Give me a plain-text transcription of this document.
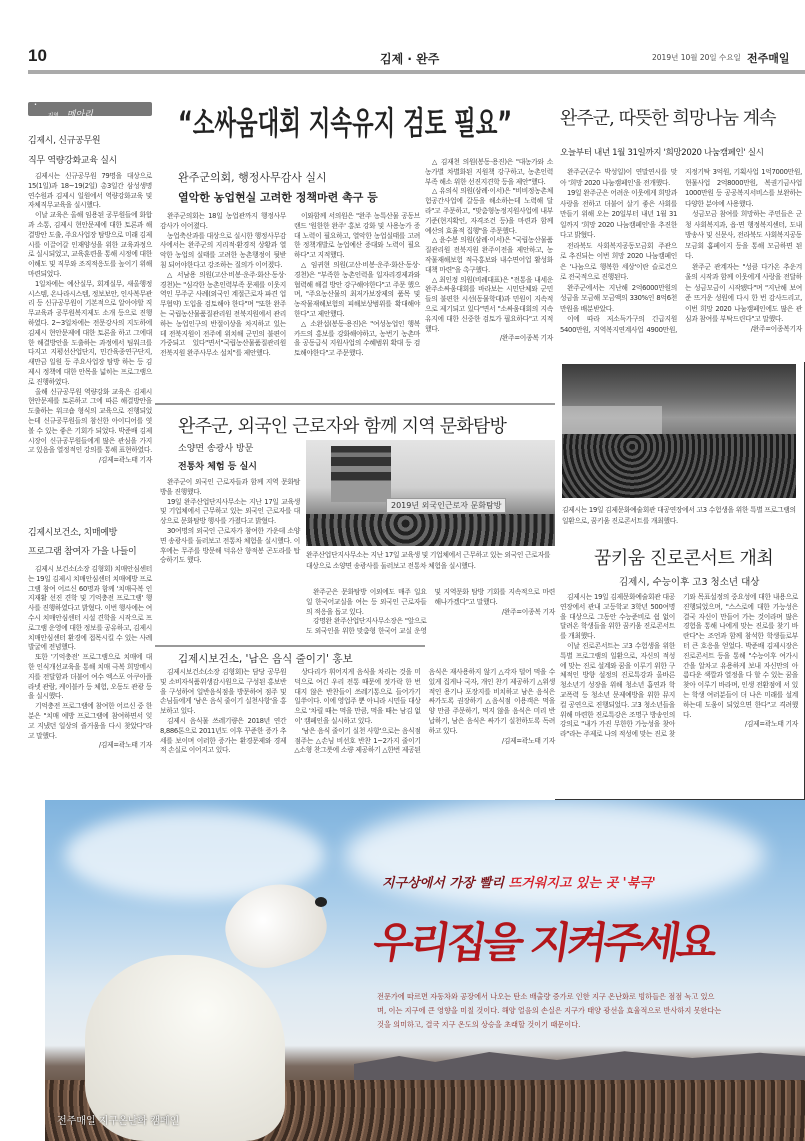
10	김제 · 완주	2019년 10월 20일 수요일 전주매일
• 지역 메아리
김제시, 신규공무원
직무 역량강화교육 실시

김제시는 신규공무원 79명을 대상으로 15(1일)과 18~19(2일) 총3일간 삼성생명 연수원과 김제시 일원에서 역량강화교육 및 자체직무교육을 실시했다.

이날 교육은 올해 임용된 공무원들에 화합과 소통, 김제시 현안문제에 대한 토론과 해결방안 도출, 주요사업장 탐방으로 미래 김제시를 이끌어갈 인재양성을 위한 교육과정으로 실시되었고, 교육훈련을 통해 시정에 대한 이해도 및 직무와 조직적응도를 높이기 위해 마련되었다.

1일차에는 예산실무, 회계실무, 새올행정시스템, 온나라시스템, 정보보안, 인사복무관리 등 신규공무원이 기본적으로 알아야할 직무교육과 공무원복지제도 소개 등으로 진행하였다. 2~3일차에는 전문강사의 지도하에 김제시 현안문제에 대한 토론을 하고 그에대한 해결방안을 도출하는 과정에서 팀워크를 다지고 지평선산업단지, 민간육종연구단지, 새만금 일원 등 주요사업장 탐방 하는 등 김제시 정책에 대한 안목을 넓히는 프로그램으로 진행하였다.

올해 신규공무원 역량강화 교육은 김제시 현안문제를 토론하고 그에 따른 해결방안을 도출하는 워크숍 형식의 교육으로 진행되었는데 신규공무원들의 참신한 아이디어를 엿볼 수 있는 좋은 기회가 되었다. 박준배 김제시장이 신규공무원들에게 많은 관심을 가지고 있음을 열정적인 강의를 통해 표현하였다.

/김제=곽노태 기자
김제시보건소, 치매예방
프로그램 참여자 가을 나들이

김제시 보건소(소장 김형회) 치매안심센터는 19일 김제시 치매안심센터 치매예방 프로그램 참여 어르신 60명과 함께 '치매극복 인지재활 선진 견학 및 기억충전 프로그램' 행사를 진행하였다고 밝혔다. 이번 행사에는 여수시 치매안심센터 시설 견학을 시작으로 프로그램 운영에 대한 정보를 공유하고, 김제시 치매안심센터 환경에 접목시킬 수 있는 사례발굴에 전념했다.

또한 '기억충전' 프로그램으로 치매에 대한 인식개선교육을 통해 치매 극복 희망메시지를 전달함과 더불어 여수 엑스포 아쿠아플라넷 관람, 케이블카 등 체험, 오동도 관광 등을 실시했다.

기억충전 프로그램에 참여한 어르신 중 한 분은 "치매 예방 프로그램에 참여하면서 잊고 지냈던 일상의 즐거움을 다시 찾았다"라고 말했다.

/김제=곽노태 기자
“소싸움대회 지속유지 검토 필요”
완주군의회, 행정사무감사 실시
열악한 농업현실 고려한 정책마련 촉구 등

완주군의회는 18일 농업관까지 행정사무감사가 이어졌다.

농업축산과를 대상으로 실시한 행정사무감사에서는 완주군의 지리적·환경적 상황과 열악한 농업의 실태를 고려한 농촌행정이 뒷받침 되어야한다고 강조하는 질의가 이어졌다.

△ 서남용 의원(고산·비봉·운주·화산·동상·경천)는 "심각한 농촌인력부족 문제를 이웃지역인 무주군 사례(외국인 계절근로자 파견 업무협약) 도입을 검토해야 한다"며 "또한 완주는 국립농산물품질관리원 전북지원에서 관리하는 농업인구의 반절이상을 차지하고 있는데 전북지원이 전주에 위치해 군민의 불편이 가중되고 있다"면서"국립농산물품질관리원 전북지원 완주사무소 설치"를 제안했다.

이와함께 서의원은 "완주 농특산물 공동브랜드 '원한한 완주' 홍보 강화 및 사용농가 증대 노력이 필요하고, 열악한 농업실태를 고려한 정책개발로 농업예산 증대와 노력이 필요하다"고 지적했다.

△ 임귀현 의원(고산·비봉·운주·화산·동상·경천)은 "부족한 농촌인력을 일자리경제과와 협력해 해결 방안 강구해야한다"고 주문 했으며, "주요농산물의 최저가보장제의 품목 및 농작물재해보험의 피해보상범위를 확대해야한다"고 제안했다.

△ 소완섭(봉동·용진)은 "여성농업인 행복카드의 홍보를 강화해야하고, 농번기 농촌마을 공동급식 지원사업의 수혜범위 확대 등 검토해야한다"고 주문했다.

△ 김재천 의원(봉동·용진)은 "대농가와 소농가별 차별화된 지원책 강구하고, 농촌인력부족 해소 위한 선진지견학 등을 제안"했다.

△ 유의식 의원(삼례·이서)은 "비비정농촌체험공간사업에 갈등을 해소하는데 노력해 달라"고 주문하고, "맞춤형농정지원사업에 내부기준(현지확인, 자격조건 등)을 마련과 함께 예산의 효율적 집행"을 주문했다.

△ 윤수봉 의원(삼례·이서)은 "국립농산물품질관리원 전북지원 완주이전을 제안하고, 농작물재해보험 적극홍보와 내수면어업 활성화 대책 마련"을 촉구했다.

△ 최인정 의원(비례대표)은 "전통을 내세운 완주소싸움대회를 바라보는 시민단체와 군민들의 불편한 시선(동물학대)과 민원이 지속적으로 제기되고 있다"면서 "소싸움대회의 지속유지에 대한 신중한 검토가 필요하다"고 지적했다.

/완주=이종복 기자
완주군, 따뜻한 희망나눔 계속
오늘부터 내년 1월 31일까지 '희망2020 나눔캠페인' 실시

완주군(군수 박성일)이 연말연시를 맞아 '희망 2020 나눔캠페인'을 전개했다.

19일 완주군은 어려운 이웃에게 희망과 사랑을 전하고 더불어 살기 좋은 사회를 만들기 위해 오는 20일부터 내년 1월 31일까지 '희망 2020 나눔캠페인'을 추진한다고 밝혔다.

전라북도 사회복지공동모금회 주관으로 추진되는 이번 희망 2020 나눔캠페인은 '나눔으로 행복한 세상'이란 슬로건으로 전국적으로 진행된다.

완주군에서는 지난해 2억6000만원의 성금을 모금해 모금액의 330%인 8억6천만원을 배분받았다.

이에 따라 저소득가구의 긴급지원 5400만원, 지역복지연계사업 4900만원, 지정기탁 3억원, 기획사업 1억7000만원, 현물사업 2억8000만원, 복권기금사업 1000만원 등 공공복지서비스를 보완하는 다양한 분야에 사용했다.

성금모금 참여를 희망하는 주민들은 군청 사회복지과, 읍·면 행정복지센터, 도내 방송사 및 신문사, 전라북도 사회복지공동모금회 홈페이지 등을 통해 모금하면 된다.

완주군 관계자는 "성큼 다가온 추운겨울의 시작과 함께 이웃에게 사랑을 전달하는 성금모금이 시작됐다"며 "지난해 보여준 뜨거운 성원에 다시 한 번 감사드리고, 이번 희망 2020 나눔캠페인에도 많은 관심과 참여를 부탁드린다"고 말했다.

/완주=이종복기자
김제시는 19일 김제문화예술회관 대공연장에서 고3 수험생을 위한 특별 프로그램의 일환으로, 꿈키움 진로콘서트를 개최했다.
꿈키움 진로콘서트 개최
김제시, 수능이후 고3 청소년 대상

김제시는 19일 김제문화예술회관 대공연장에서 관내 고등학교 3학년 500여명을 대상으로 그동안 수능준비로 쉼 없이 달려온 학생들을 위한 꿈키움 진로콘서트를 개최했다.

이날 진로콘서트는 고3 수험생을 위한 특별 프로그램의 일환으로, 자신의 적성에 맞는 진로 설계와 꿈을 이루기 위한 구체적인 방향 설정의 진로특강과 올바른 청소년기 성장을 위해 청소년 흡연과 학교폭력 등 청소년 문제예방을 위한 뮤지컬 공연으로 진행되었다. 고3 청소년들을 위해 마련한 진로특강은 조명구 방송인의 강의로 "내가 가진 무한한 가능성을 찾아라"라는 주제로 나의 적성에 맞는 진로 찾기와 목표설정의 중요성에 대한 내용으로 진행되었으며, "스스로에 대한 가능성은 결국 자신이 만들어 가는 것이라며 많은 경험을 통해 나에게 맞는 진로를 찾기 바란다"는 조언과 함께 참석한 학생들로부터 큰 호응을 얻었다. 박준배 김제시장은 진로콘서트 등을 통해 "수능이후 여가시간을 알차고 유용하게 보내 자신만의 아름다운 색깔과 열정을 다 할 수 있는 꿈을 찾아 이루기 바라며, 인생 전환점에 서 있는 학생 여러분들이 더 나은 미래를 설계하는데 도움이 되었으면 한다"고 격려했다.

/김제=곽노태 기자
완주군, 외국인 근로자와 함께 지역 문화탐방
소양면 송광사 방문
전통차 체험 등 실시

완주군이 외국인 근로자들과 함께 지역 문화탐방을 진행했다.

19일 완주산업단지사무소는 지난 17일 교육생 및 기업체에서 근무하고 있는 외국인 근로자를 대상으로 문화탐방 행사를 가졌다고 밝혔다.

30여명의 외국인 근로자가 참여한 가운데 소양면 송광사를 둘러보고 전통차 체험을 실시했다. 이후에는 무주를 방문해 덕유산 향적봉 곤도라를 탑승하기도 했다.

2019년 외국인근로자 문화탐방
완주산업단지사무소는 지난 17일 교육생 및 기업체에서 근무하고 있는 외국인 근로자를 대상으로 소양면 송광사를 둘러보고 전통차 체험을 실시했다.

완주군은 문화탐방 이외에도 매주 일요일 한국어교실을 여는 등 외국인 근로자들의 적응을 돕고 있다.

강명완 완주산업단지사무소장은 "앞으로도 외국인을 위한 맞춤형 한국어 교실 운영 및 지역문화 탐방 기회를 지속적으로 마련해나가겠다"고 말했다.

/완주=이종복 기자
김제시보건소, '남은 음식 줄이기' 홍보

김제시보건소(소장 김형회)는 담당 공무원 및 소비자식품위생감시원으로 구성된 홍보반을 구성하여 일반음식점을 방문하여 점주 및 손님들에게 '남은 음식 줄이기 실천사항'을 홍보하고 있다.

김제시 음식물 쓰레기량은 2018년 연간 8,886톤으로 2011년도 이후 꾸준한 증가 추세를 보이며 이러한 증가는 환경문제와 경제적 손실로 이어지고 있다.

상다리가 휘어지게 음식을 차리는 것을 미덕으로 여긴 우리 전통 때문에 젓가락 한 번 대지 않은 반찬들이 쓰레기통으로 들어가기 일쑤이다. 이에 영업주 뿐 아니라 시민들 대상으로 '차릴 때는 먹을 만큼, 먹을 때는 남김 없이' 캠페인을 실시하고 있다.

'남은 음식 줄이기 실천 사항'으로는 음식점 점주는 △손님 비선호 반찬 1~2가지 줄이기 △소형 찬그릇에 소량 제공하기 △한번 제공된 음식은 재사용하지 않기 △각자 덜어 먹을 수 있게 집게나 국자, 개인 찬기 제공하기 △위생적인 용기나 포장지를 비치하고 남은 음식은 싸가도록 권장하기 △음식점 이용객은 먹을 양 만큼 주문하기, 먹지 않을 음식은 미리 반납하기, 남은 음식은 싸가기 실천하도록 독려하고 있다.

/김제=곽노태 기자
지구상에서 가장 빨리 뜨거워지고 있는 곳 '북극'
우리집을 지켜주세요
전문가에 따르면 자동차와 공장에서 나오는 탄소 배출량 증가로 인한 지구 온난화로 빙하들은 점점 녹고 있으며, 이는 지구에 큰 영향을 미칠 것이다. 해양 얼음의 손실은 지구가 태양 광선을 효율적으로 반사하지 못한다는 것을 의미하고, 결국 지구 온도의 상승을 초래할 것이기 때문이다.
전주매일 지구온난화 캠페인
